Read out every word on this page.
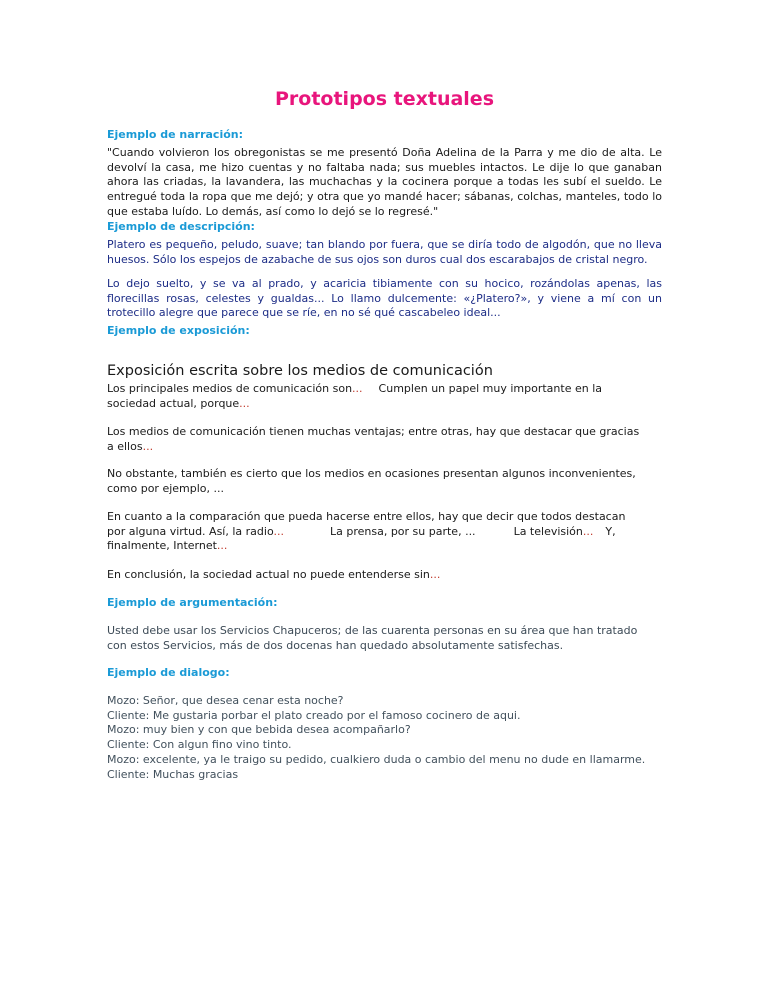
Prototipos textuales

Ejemplo de narración:

"Cuando volvieron los obregonistas se me presentó Doña Adelina de la Parra y me dio de alta. Le devolví la casa, me hizo cuentas y no faltaba nada; sus muebles intactos. Le dije lo que ganaban ahora las criadas, la lavandera, las muchachas y la cocinera porque a todas les subí el sueldo. Le entregué toda la ropa que me dejó; y otra que yo mandé hacer; sábanas, colchas, manteles, todo lo que estaba luído. Lo demás, así como lo dejó se lo regresé."

Ejemplo de descripción:

Platero es pequeño, peludo, suave; tan blando por fuera, que se diría todo de algodón, que no lleva huesos. Sólo los espejos de azabache de sus ojos son duros cual dos escarabajos de cristal negro.

Lo dejo suelto, y se va al prado, y acaricia tibiamente con su hocico, rozándolas apenas, las florecillas rosas, celestes y gualdas... Lo llamo dulcemente: «¿Platero?», y viene a mí con un trotecillo alegre que parece que se ríe, en no sé qué cascabeleo ideal...

Ejemplo de exposición:

Exposición escrita sobre los medios de comunicación

Los principales medios de comunicación son... Cumplen un papel muy importante en la
sociedad actual, porque...
Los medios de comunicación tienen muchas ventajas; entre otras, hay que destacar que gracias
a ellos...
No obstante, también es cierto que los medios en ocasiones presentan algunos inconvenientes,
como por ejemplo, ...
En cuanto a la comparación que pueda hacerse entre ellos, hay que decir que todos destacan
por alguna virtud. Así, la radio...	La prensa, por su parte, ...	La televisión... Y,
finalmente, Internet...
En conclusión, la sociedad actual no puede entenderse sin...

Ejemplo de argumentación:

Usted debe usar los Servicios Chapuceros; de las cuarenta personas en su área que han tratado
con estos Servicios, más de dos docenas han quedado absolutamente satisfechas.

Ejemplo de dialogo:

Mozo: Señor, que desea cenar esta noche?
Cliente: Me gustaria porbar el plato creado por el famoso cocinero de aqui.
Mozo: muy bien y con que bebida desea acompañarlo?
Cliente: Con algun fino vino tinto.
Mozo: excelente, ya le traigo su pedido, cualkiero duda o cambio del menu no dude en llamarme.
Cliente: Muchas gracias
